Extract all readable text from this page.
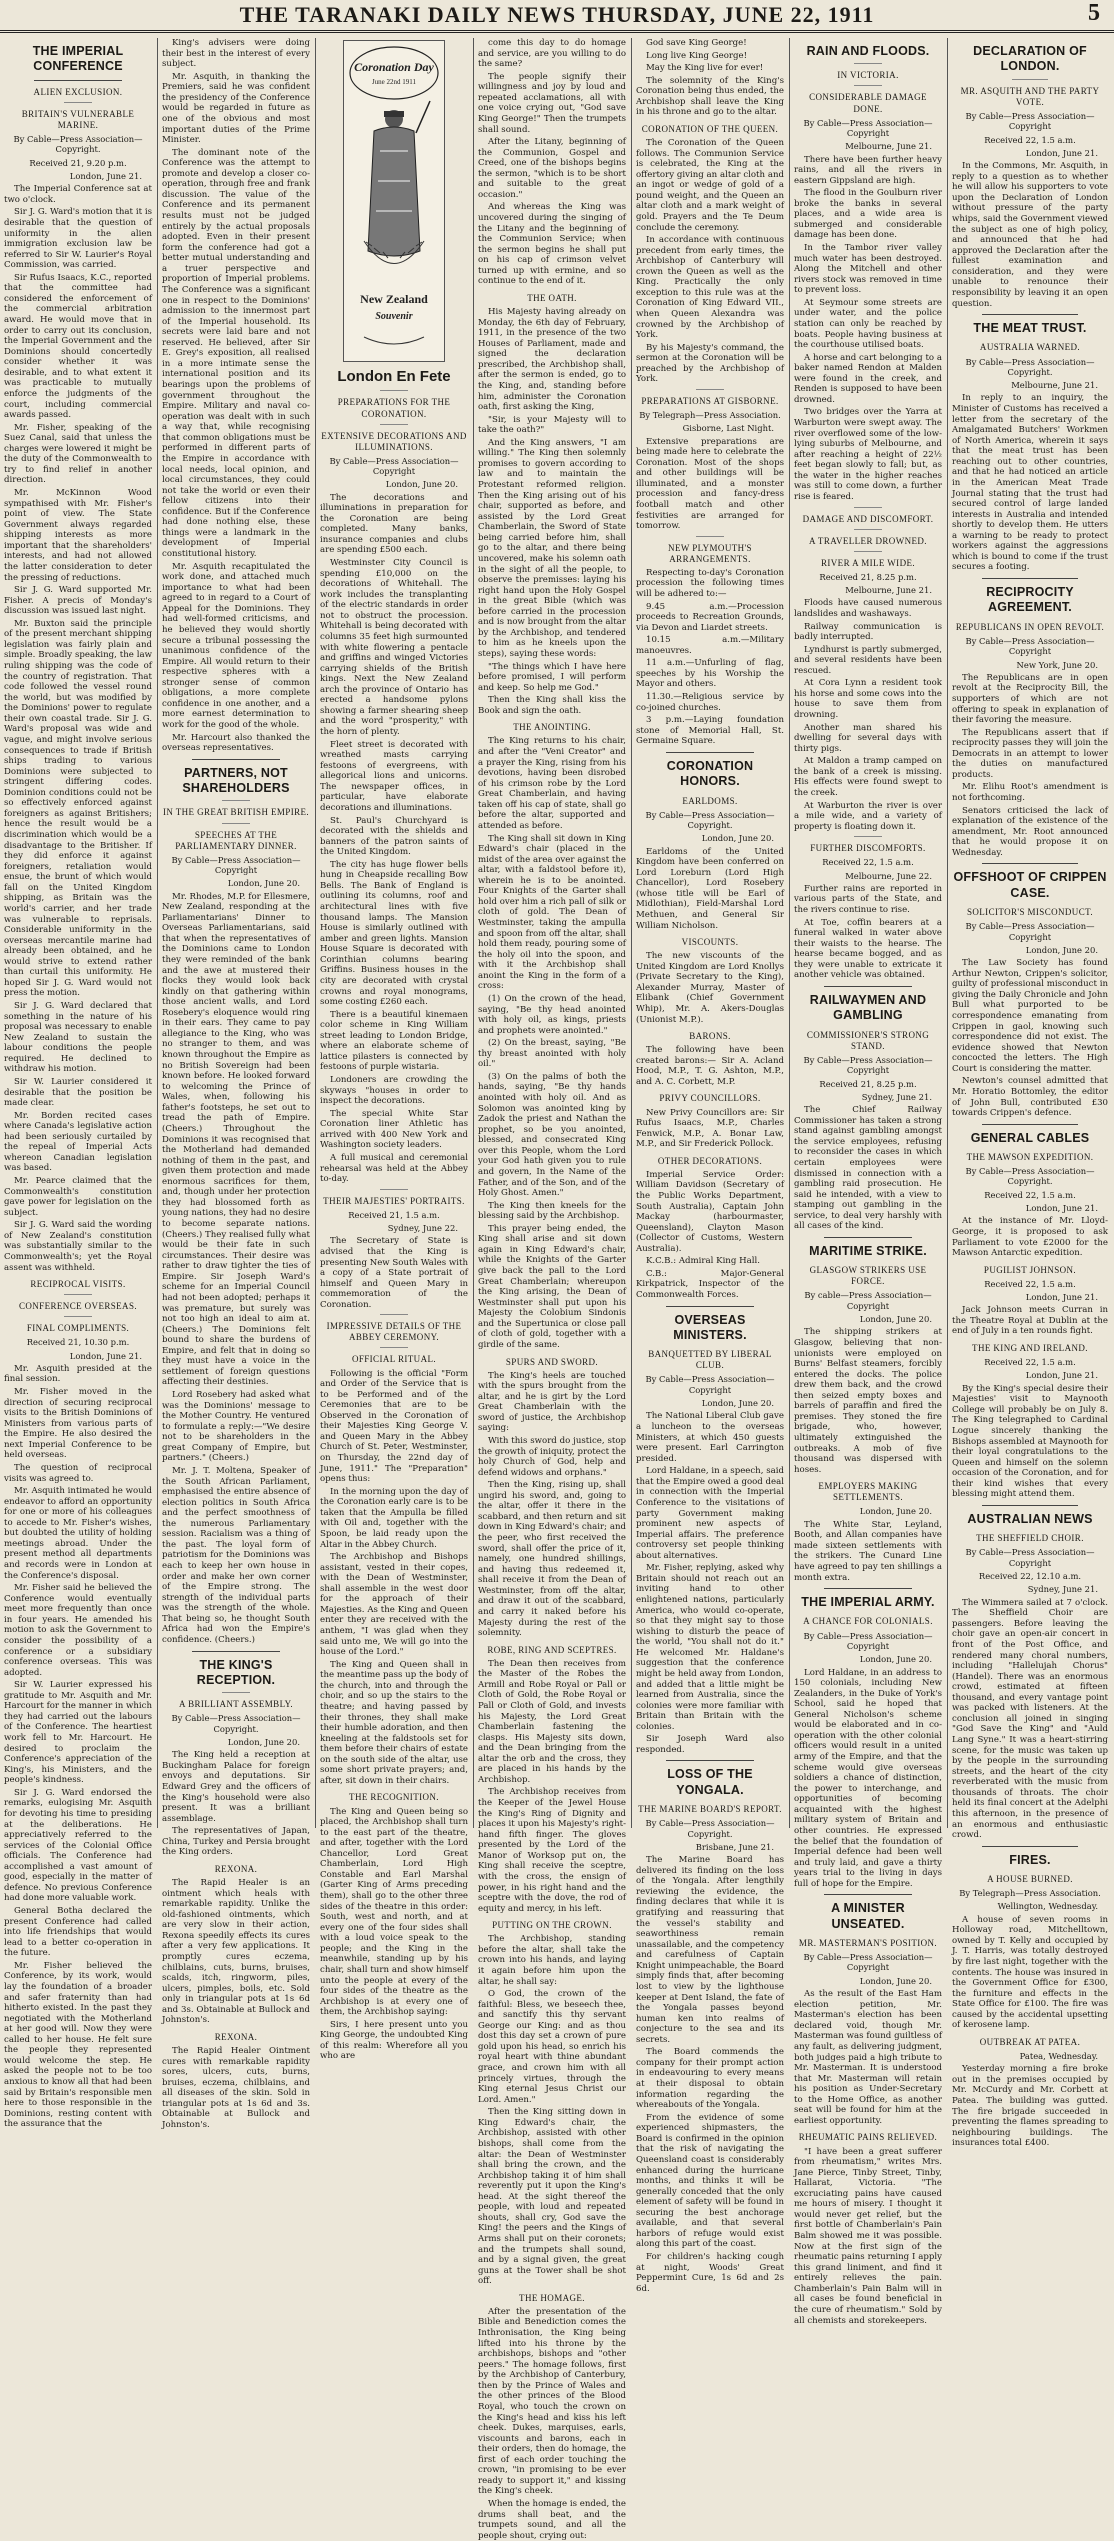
THE TARANAKI DAILY NEWS THURSDAY, JUNE 22, 1911	5
THE IMPERIAL CONFERENCE
ALIEN EXCLUSION.
BRITAIN'S VULNERABLE MARINE.
By Cable—Press Association—Copyright.
Received 21, 9.20 p.m.
London, June 21.

The Imperial Conference sat at two o'clock.

Sir J. G. Ward's motion that it is desirable that the question of uniformity in the alien immigration exclusion law be referred to Sir W. Laurier's Royal Commission, was carried.

Sir Rufus Isaacs, K.C., reported that the committee had considered the enforcement of the commercial arbitration award. He would move that in order to carry out its conclusion, the Imperial Government and the Dominions should concertedly consider whether it was desirable, and to what extent it was practicable to mutually enforce the judgments of the court, including commercial awards passed.

Mr. Fisher, speaking of the Suez Canal, said that unless the charges were lowered it might be the duty of the Commonwealth to try to find relief in another direction.

Mr. McKinnon Wood sympathised with Mr. Fisher's point of view. The State Government always regarded shipping interests as more important that the shareholders' interests, and had not allowed the latter consideration to deter the pressing of reductions.

Sir J. G. Ward supported Mr. Fisher. A precis of Monday's discussion was issued last night.

Mr. Buxton said the principle of the present merchant shipping legislation was fairly plain and simple. Broadly speaking, the law ruling shipping was the code of the country of registration. That code followed the vessel round the world, but was modified by the Dominions' power to regulate their own coastal trade. Sir J. G. Ward's proposal was wide and vague, and might involve serious consequences to trade if British ships trading to various Dominions were subjected to stringent differing codes. Dominion conditions could not be so effectively enforced against foreigners as against Britishers; hence the result would be a discrimination which would be a disadvantage to the Britisher. If they did enforce it against foreigners, retaliation would ensue, the brunt of which would fall on the United Kingdom shipping, as Britain was the world's carrier, and her trade was vulnerable to reprisals. Considerable uniformity in the overseas mercantile marine had already been obtained, and he would strive to extend rather than curtail this uniformity. He hoped Sir J. G. Ward would not press the motion.

Sir J. G. Ward declared that something in the nature of his proposal was necessary to enable New Zealand to sustain the labour conditions the people required. He declined to withdraw his motion.

Sir W. Laurier considered it desirable that the position be made clear.

Mr. Borden recited cases where Canada's legislative action had been seriously curtailed by the repeal of Imperial Acts whereon Canadian legislation was based.

Mr. Pearce claimed that the Commonwealth's constitution gave power for legislation on the subject.

Sir J. G. Ward said the wording of New Zealand's constitution was substantially similar to the Commonwealth's; yet the Royal assent was withheld.

RECIPROCAL VISITS.
CONFERENCE OVERSEAS.
FINAL COMPLIMENTS.
Received 21, 10.30 p.m.
London, June 21.

Mr. Asquith presided at the final session.

Mr. Fisher moved in the direction of securing reciprocal visits to the British Dominions of Ministers from various parts of the Empire. He also desired the next Imperial Conference to be held overseas.

The question of reciprocal visits was agreed to.

Mr. Asquith intimated he would endeavor to afford an opportunity for one or more of his colleagues to accede to Mr. Fisher's wishes, but doubted the utility of holding meetings abroad. Under the present method all departments and records were in London at the Conference's disposal.

Mr. Fisher said he believed the Conference would eventually meet more frequently than once in four years. He amended his motion to ask the Government to consider the possibility of a conference or a subsidiary conference overseas. This was adopted.

Sir W. Laurier expressed his gratitude to Mr. Asquith and Mr. Harcourt for the manner in which they had carried out the labours of the Conference. The heartiest work fell to Mr. Harcourt. He desired to proclaim the Conference's appreciation of the King's, his Ministers, and the people's kindness.

Sir J. G. Ward endorsed the remarks, eulogising Mr. Asquith for devoting his time to presiding at the deliberations. He appreciatively referred to the services of the Colonial Office officials. The Conference had accomplished a vast amount of good, especially in the matter of defence. No previous Conference had done more valuable work.

General Botha declared the present Conference had called into life friendships that would lead to a better co-operation in the future.

Mr. Fisher believed the Conference, by its work, would lay the foundation of a broader and safer fraternity than had hitherto existed. In the past they negotiated with the Motherland at her good will. Now they were called to her house. He felt sure the people they represented would welcome the step. He asked the people not to be too anxious to know all that had been said by Britain's responsible men here to those responsible in the Dominions, resting content with the assurance that the

King's advisers were doing their best in the interest of every subject.

Mr. Asquith, in thanking the Premiers, said he was confident the presidency of the Conference would be regarded in future as one of the obvious and most important duties of the Prime Minister.

The dominant note of the Conference was the attempt to promote and develop a closer co-operation, through free and frank discussion. The value of the Conference and its permanent results must not be judged entirely by the actual proposals adopted. Even in their present form the conference had got a better mutual understanding and a truer perspective and proportion of Imperial problems. The Conference was a significant one in respect to the Dominions' admission to the innermost part of the Imperial household. Its secrets were laid bare and not reserved. He believed, after Sir E. Grey's exposition, all realised in a more intimate sense the international position and its bearings upon the problems of government throughout the Empire. Military and naval co-operation was dealt with in such a way that, while recognising that common obligations must be performed in different parts of the Empire in accordance with local needs, local opinion, and local circumstances, they could not take the world or even their fellow citizens into their confidence. But if the Conference had done nothing else, these things were a landmark in the development of Imperial constitutional history.

Mr. Asquith recapitulated the work done, and attached much importance to what had been agreed to in regard to a Court of Appeal for the Dominions. They had well-formed criticisms, and he believed they would shortly secure a tribunal possessing the unanimous confidence of the Empire. All would return to their respective spheres with a stronger sense of common obligations, a more complete confidence in one another, and a more earnest determination to work for the good of the whole.

Mr. Harcourt also thanked the overseas representatives.

PARTNERS, NOT SHAREHOLDERS
IN THE GREAT BRITISH EMPIRE.
SPEECHES AT THE PARLIAMENTARY DINNER.
By Cable—Press Association—Copyright
London, June 20.

Mr. Rhodes, M.P. for Ellesmere, New Zealand, responding at the Parliamentarians' Dinner to Overseas Parliamentarians, said that when the representatives of the Dominions came to London they were reminded of the bank and the awe at mustered their flocks they would look back kindly on that gathering within those ancient walls, and Lord Rosebery's eloquence would ring in their ears. They came to pay allegiance to the King, who was no stranger to them, and was known throughout the Empire as no British Sovereign had been known before. He looked forward to welcoming the Prince of Wales, when, following his father's footsteps, he set out to tread the path of Empire. (Cheers.) Throughout the Dominions it was recognised that the Motherland had demanded nothing of them in the past, and given them protection and made enormous sacrifices for them, and, though under her protection they had blossomed forth as young nations, they had no desire to become separate nations. (Cheers.) They realised fully what would be their fate in such circumstances. Their desire was rather to draw tighter the ties of Empire. Sir Joseph Ward's scheme for an Imperial Council had not been adopted; perhaps it was premature, but surely was not too high an ideal to aim at. (Cheers.) The Dominions felt bound to share the burdens of Empire, and felt that in doing so they must have a voice in the settlement of foreign questions affecting their destinies.

Lord Rosebery had asked what was the Dominions' message to the Mother Country. He ventured to formulate a reply:—"We desire not to be shareholders in the great Company of Empire, but partners." (Cheers.)

Mr. J. T. Moltena, Speaker of the South African Parliament, emphasised the entire absence of election politics in South Africa and the perfect smoothness of the numerous Parliamentary session. Racialism was a thing of the past. The loyal form of patriotism for the Dominions was each to keep her own house in order and make her own corner of the Empire strong. The strength of the individual parts was the strength of the whole. That being so, he thought South Africa had won the Empire's confidence. (Cheers.)

THE KING'S RECEPTION.
A BRILLIANT ASSEMBLY.
By Cable—Press Association—Copyright.
London, June 20.

The King held a reception at Buckingham Palace for foreign envoys and deputations. Sir Edward Grey and the officers of the King's household were also present. It was a brilliant assemblage.

The representatives of Japan, China, Turkey and Persia brought the King orders.

REXONA.

The Rapid Healer is an ointment which heals with remarkable rapidity. Unlike the old-fashioned ointments, which are very slow in their action, Rexona speedily effects its cures after a very few applications. It promptly cures eczema, chilblains, cuts, burns, bruises, scalds, itch, ringworm, piles, ulcers, pimples, boils, etc. Sold only in triangular pots at 1s 6d and 3s. Obtainable at Bullock and Johnston's.

REXONA.

The Rapid Healer Ointment cures with remarkable rapidity sores, ulcers, cuts, burns, bruises, eczema, chilblains, and all diseases of the skin. Sold in triangular pots at 1s 6d and 3s. Obtainable at Bullock and Johnston's.

Coronation Day
June 22nd 1911
New Zealand
Souvenir
London En Fete
PREPARATIONS FOR THE CORONATION.
EXTENSIVE DECORATIONS AND ILLUMINATIONS.
By Cable—Press Association—Copyright
London, June 20.

The decorations and illuminations in preparation for the Coronation are being completed. Many banks, insurance companies and clubs are spending £500 each.

Westminster City Council is spending £10,000 on the decorations of Whitehall. The work includes the transplanting of the electric standards in order not to obstruct the procession. Whitehall is being decorated with columns 35 feet high surmounted with white flowering a pentacle and griffins and winged Victories carrying shields of the British kings. Next the New Zealand arch the province of Ontario has erected a handsome pylons showing a farmer shearing sheep and the word "prosperity," with the horn of plenty.

Fleet street is decorated with wreathed masts carrying festoons of evergreens, with allegorical lions and unicorns. The newspaper offices, in particular, have elaborate decorations and illuminations.

St. Paul's Churchyard is decorated with the shields and banners of the patron saints of the United Kingdom.

The city has huge flower bells hung in Cheapside recalling Bow Bells. The Bank of England is outlining its columns, roof and architectural lines with five thousand lamps. The Mansion House is similarly outlined with amber and green lights. Mansion House Square is decorated with Corinthian columns bearing Griffins. Business houses in the city are decorated with crystal crowns and royal monograms, some costing £260 each.

There is a beautiful kinemaen color scheme in King William street leading to London Bridge, where an elaborate scheme of lattice pilasters is connected by festoons of purple wistaria.

Londoners are crowding the skyways "houses in order to inspect the decorations.

The special White Star Coronation liner Athletic has arrived with 400 New York and Washington society leaders.

A full musical and ceremonial rehearsal was held at the Abbey to-day.

THEIR MAJESTIES' PORTRAITS.
Received 21, 1.5 a.m.
Sydney, June 22.

The Secretary of State is advised that the King is presenting New South Wales with a copy of a State portrait of himself and Queen Mary in commemoration of the Coronation.

IMPRESSIVE DETAILS OF THE ABBEY CEREMONY.
OFFICIAL RITUAL.

Following is the official "Form and Order of the Service that is to be Performed and of the Ceremonies that are to be Observed in the Coronation of their Majesties King George V. and Queen Mary in the Abbey Church of St. Peter, Westminster, on Thursday, the 22nd day of June, 1911." The "Preparation" opens thus:

In the morning upon the day of the Coronation early care is to be taken that the Ampulla be filled with Oil and, together with the Spoon, be laid ready upon the Altar in the Abbey Church.

The Archbishop and Bishops assistant, vested in their copes, with the Dean of Westminster, shall assemble in the west door for the approach of their Majesties. As the King and Queen enter they are received with the anthem, "I was glad when they said unto me, We will go into the house of the Lord."

The King and Queen shall in the meantime pass up the body of the church, into and through the choir, and so up the stairs to the theatre; and having passed by their thrones, they shall make their humble adoration, and then kneeling at the faldstools set for them before their chairs of estate on the south side of the altar, use some short private prayers; and, after, sit down in their chairs.

THE RECOGNITION.

The King and Queen being so placed, the Archbishop shall turn to the east part of the theatre, and after, together with the Lord Chancellor, Lord Great Chamberlain, Lord High Constable and Earl Marshal (Garter King of Arms preceding them), shall go to the other three sides of the theatre in this order: South, west and north, and at every one of the four sides shall with a loud voice speak to the people; and the King in the meanwhile, standing up by his chair, shall turn and show himself unto the people at every of the four sides of the theatre as the Archbishop is at every one of them, the Archbishop saying:

Sirs, I here present unto you King George, the undoubted King of this realm: Wherefore all you who are

come this day to do homage and service, are you willing to do the same?

The people signify their willingness and joy by loud and repeated acclamations, all with one voice crying out, "God save King George!" Then the trumpets shall sound.

After the Litany, beginning of the Communion, Gospel and Creed, one of the bishops begins the sermon, "which is to be short and suitable to the great occasion."

And whereas the King was uncovered during the singing of the Litany and the beginning of the Communion Service; when the sermon begins he shall put on his cap of crimson velvet turned up with ermine, and so continue to the end of it.

THE OATH.

His Majesty having already on Monday, the 6th day of February, 1911, in the presence of the two Houses of Parliament, made and signed the declaration prescribed, the Archbishop shall, after the sermon is ended, go to the King, and, standing before him, administer the Coronation oath, first asking the King,

"Sir, is your Majesty will to take the oath?"

And the King answers, "I am willing." The King then solemnly promises to govern according to law and to maintain the Protestant reformed religion. Then the King arising out of his chair, supported as before, and assisted by the Lord Great Chamberlain, the Sword of State being carried before him, shall go to the altar, and there being uncovered, make his solemn oath in the sight of all the people, to observe the premisses: laying his right hand upon the Holy Gospel in the great Bible (which was before carried in the procession and is now brought from the altar by the Archbishop, and tendered to him as he kneels upon the steps), saying these words:

"The things which I have here before promised, I will perform and keep. So help me God."

Then the King shall kiss the Book and sign the oath.

THE ANOINTING.

The King returns to his chair, and after the "Veni Creator" and a prayer the King, rising from his devotions, having been disrobed of his crimson robe by the Lord Great Chamberlain, and having taken off his cap of state, shall go before the altar, supported and attended as before.

The King shall sit down in King Edward's chair (placed in the midst of the area over against the altar, with a faldstool before it), wherein he is to be anointed. Four Knights of the Garter shall hold over him a rich pall of silk or cloth of gold. The Dean of Westminster, taking the ampulla and spoon from off the altar, shall hold them ready, pouring some of the holy oil into the spoon, and with it the Archbishop shall anoint the King in the form of a cross:

(1) On the crown of the head, saying, "Be thy head anointed with holy oil, as kings, priests and prophets were anointed."

(2) On the breast, saying, "Be thy breast anointed with holy oil."

(3) On the palms of both the hands, saying, "Be thy hands anointed with holy oil. And as Solomon was anointed king by Zadok the priest and Nathan the prophet, so be you anointed, blessed, and consecrated King over this People, whom the Lord your God hath given you to rule and govern, In the Name of the Father, and of the Son, and of the Holy Ghost. Amen."

The King then kneels for the blessing said by the Archbishop.

This prayer being ended, the King shall arise and sit down again in King Edward's chair, while the Knights of the Garter give back the pall to the Lord Great Chamberlain; whereupon the King arising, the Dean of Westminster shall put upon his Majesty the Colobium Sindonis and the Supertunica or close pall of cloth of gold, together with a girdle of the same.

SPURS AND SWORD.

The King's heels are touched with the spurs brought from the altar, and he is girt by the Lord Great Chamberlain with the sword of justice, the Archbishop saying:

With this sword do justice, stop the growth of iniquity, protect the holy Church of God, help and defend widows and orphans."

Then the King, rising up, shall ungird his sword, and, going to the altar, offer it there in the scabbard, and then return and sit down in King Edward's chair; and the peer, who first received the sword, shall offer the price of it, namely, one hundred shillings, and having thus redeemed it, shall receive it from the Dean of Westminster, from off the altar, and draw it out of the scabbard, and carry it naked before his Majesty during the rest of the solemnity.

ROBE, RING AND SCEPTRES.

The Dean then receives from the Master of the Robes the Armill and Robe Royal or Pall or Cloth of Gold, the Robe Royal or Pall or Cloth of Gold, and invests his Majesty, the Lord Great Chamberlain fastening the clasps. His Majesty sits down, and the Dean bringing from the altar the orb and the cross, they are placed in his hands by the Archbishop.

The Archbishop receives from the Keeper of the Jewel House the King's Ring of Dignity and places it upon his Majesty's right-hand fifth finger. The gloves presented by the Lord of the Manor of Worksop put on, the King shall receive the sceptre, with the cross, the ensign of power, in his right hand and the sceptre with the dove, the rod of equity and mercy, in his left.

PUTTING ON THE CROWN.

The Archbishop, standing before the altar, shall take the crown into his hands, and laying it again before him upon the altar, he shall say:

O God, the crown of the faithful: Bless, we beseech thee, and sanctify this thy servant George our King: and as thou dost this day set a crown of pure gold upon his head, so enrich his royal heart with thine abundant grace, and crown him with all princely virtues, through the King eternal Jesus Christ our Lord. Amen."

Then the King sitting down in King Edward's chair, the Archbishop, assisted with other bishops, shall come from the altar: the Dean of Westminster shall bring the crown, and the Archbishop taking it of him shall reverently put it upon the King's head. At the sight thereof the people, with loud and repeated shouts, shall cry, God save the King! the peers and the Kings of Arms shall put on their coronets; and the trumpets shall sound, and by a signal given, the great guns at the Tower shall be shot off.

THE HOMAGE.

After the presentation of the Bible and Benediction comes the Inthronisation, the King being lifted into his throne by the archbishops, bishops and "other peers." The homage follows, first by the Archbishop of Canterbury, then by the Prince of Wales and the other princes of the Blood Royal, who touch the crown on the King's head and kiss his left cheek. Dukes, marquises, earls, viscounts and barons, each in their orders, then do homage, the first of each order touching the crown, "in promising to be ever ready to support it," and kissing the King's cheek.

When the homage is ended, the drums shall beat, and the trumpets sound, and all the people shout, crying out:

God save King George!

Long live King George!

May the King live for ever!

The solemnity of the King's Coronation being thus ended, the Archbishop shall leave the King in his throne and go to the altar.

CORONATION OF THE QUEEN.

The Coronation of the Queen follows. The Communion Service is celebrated, the King at the offertory giving an altar cloth and an ingot or wedge of gold of a pound weight, and the Queen an altar cloth and a mark weight of gold. Prayers and the Te Deum conclude the ceremony.

In accordance with continuous precedent from early times, the Archbishop of Canterbury will crown the Queen as well as the King. Practically the only exception to this rule was at the Coronation of King Edward VII., when Queen Alexandra was crowned by the Archbishop of York.

By his Majesty's command, the sermon at the Coronation will be preached by the Archbishop of York.

PREPARATIONS AT GISBORNE.
By Telegraph—Press Association.
Gisborne, Last Night.

Extensive preparations are being made here to celebrate the Coronation. Most of the shops and other buildings will be illuminated, and a monster procession and fancy-dress football match and other festivities are arranged for tomorrow.

NEW PLYMOUTH'S ARRANGEMENTS.

Respecting to-day's Coronation procession the following times will be adhered to:—

9.45 a.m.—Procession proceeds to Recreation Grounds, via Devon and Liardet streets.

10.15 a.m.—Military manoeuvres.

11 a.m.—Unfurling of flag, speeches by his Worship the Mayor and others.

11.30.—Religious service by co-joined churches.

3 p.m.—Laying foundation stone of Memorial Hall, St. Germaine Square.

CORONATION HONORS.
EARLDOMS.
By Cable—Press Association—Copyright.
London, June 20.

Earldoms of the United Kingdom have been conferred on Lord Loreburn (Lord High Chancellor), Lord Rosebery (whose title will be Earl of Midlothian), Field-Marshal Lord Methuen, and General Sir William Nicholson.

VISCOUNTS.

The new viscounts of the United Kingdom are Lord Knollys (Private Secretary to the King), Alexander Murray, Master of Elibank (Chief Government Whip), Mr. A. Akers-Douglas (Unionist M.P.).

BARONS.

The following have been created barons:— Sir A. Acland Hood, M.P., T. G. Ashton, M.P., and A. C. Corbett, M.P.

PRIVY COUNCILLORS.

New Privy Councillors are: Sir Rufus Isaacs, M.P., Charles Fenwick, M.P., A. Bonar Law, M.P., and Sir Frederick Pollock.

OTHER DECORATIONS.

Imperial Service Order: William Davidson (Secretary of the Public Works Department, South Australia), Captain John Mackay (harbourmaster, Queensland), Clayton Mason (Collector of Customs, Western Australia).

K.C.B.: Admiral King Hall.

C.B.: Major-General Kirkpatrick, Inspector of the Commonwealth Forces.

OVERSEAS MINISTERS.
BANQUETTED BY LIBERAL CLUB.
By Cable—Press Association—Copyright
London, June 20.

The National Liberal Club gave a luncheon to the overseas Ministers, at which 450 guests were present. Earl Carrington presided.

Lord Haldane, in a speech, said that the Empire owed a good deal in connection with the Imperial Conference to the visitations of party Government making prominent new aspects of Imperial affairs. The preference controversy set people thinking about alternatives.

Mr. Fisher, replying, asked why Britain should not reach out an inviting hand to other enlightened nations, particularly America, who would co-operate, so that they might say to those wishing to disturb the peace of the world, "You shall not do it." He welcomed Mr. Haldane's suggestion that the conference might be held away from London, and added that a little might be learned from Australia, since the colonies were more familiar with Britain than Britain with the colonies.

Sir Joseph Ward also responded.

LOSS OF THE YONGALA.
THE MARINE BOARD'S REPORT.
By Cable—Press Association—Copyright.
Brisbane, June 21.

The Marine Board has delivered its finding on the loss of the Yongala. After lengthily reviewing the evidence, the finding declares that while it is gratifying and reassuring that the vessel's stability and seaworthiness remain unassailable, and the competency and carefulness of Captain Knight unimpeachable, the Board simply finds that, after becoming lost to view by the lighthouse keeper at Dent Island, the fate of the Yongala passes beyond human ken into realms of conjecture to the sea and its secrets.

The Board commends the company for their prompt action in endeavouring to every means at their disposal to obtain information regarding the whereabouts of the Yongala.

From the evidence of some experienced shipmasters, the Board is confirmed in the opinion that the risk of navigating the Queensland coast is considerably enhanced during the hurricane months, and thinks it will be generally conceded that the only element of safety will be found in securing the best anchorage available, and that several harbors of refuge would exist along this part of the coast.

For children's hacking cough at night, Woods' Great Peppermint Cure, 1s 6d and 2s 6d.

RAIN AND FLOODS.
IN VICTORIA.
CONSIDERABLE DAMAGE DONE.
By Cable—Press Association—Copyright
Melbourne, June 21.

There have been further heavy rains, and all the rivers in eastern Gippsland are high.

The flood in the Goulburn river broke the banks in several places, and a wide area is submerged and considerable damage has been done.

In the Tambor river valley much water has been destroyed. Along the Mitchell and other rivers stock was removed in time to prevent loss.

At Seymour some streets are under water, and the police station can only be reached by boats. People having business at the courthouse utilised boats.

A horse and cart belonging to a baker named Rendon at Malden were found in the creek, and Renden is supposed to have been drowned.

Two bridges over the Yarra at Warburton were swept away. The river overflowed some of the low-lying suburbs of Melbourne, and after reaching a height of 22½ feet began slowly to fall; but, as the water in the higher reaches was still to come down, a further rise is feared.

DAMAGE AND DISCOMFORT.
A TRAVELLER DROWNED.
RIVER A MILE WIDE.
Received 21, 8.25 p.m.
Melbourne, June 21.

Floods have caused numerous landslides and washaways.

Railway communication is badly interrupted.

Lyndhurst is partly submerged, and several residents have been rescued.

At Cora Lynn a resident took his horse and some cows into the house to save them from drowning.

Another man shared his dwelling for several days with thirty pigs.

At Maldon a tramp camped on the bank of a creek is missing. His effects were found swept to the creek.

At Warburton the river is over a mile wide, and a variety of property is floating down it.

FURTHER DISCOMFORTS.
Received 22, 1.5 a.m.
Melbourne, June 22.

Further rains are reported in various parts of the State, and the rivers continue to rise.

At Toe, coffin bearers at a funeral walked in water above their waists to the hearse. The hearse became bogged, and as they were unable to extricate it another vehicle was obtained.

RAILWAYMEN AND GAMBLING
COMMISSIONER'S STRONG STAND.
By Cable—Press Association—Copyright
Received 21, 8.25 p.m.
Sydney, June 21.

The Chief Railway Commissioner has taken a strong stand against gambling amongst the service employees, refusing to reconsider the cases in which certain employees were dismissed in connection with a gambling raid prosecution. He said he intended, with a view to stamping out gambling in the service, to deal very harshly with all cases of the kind.

MARITIME STRIKE.
GLASGOW STRIKERS USE FORCE.
By cable—Press Association—Copyright
London, June 20.

The shipping strikers at Glasgow, believing that non-unionists were employed on Burns' Belfast steamers, forcibly entered the docks. The police drew them back, and the crowd then seized empty boxes and barrels of paraffin and fired the premises. They stoned the fire brigade, who, however, ultimately extinguished the outbreaks. A mob of five thousand was dispersed with hoses.

EMPLOYERS MAKING SETTLEMENTS.
London, June 20.

The White Star, Leyland, Booth, and Allan companies have made sixteen settlements with the strikers. The Cunard Line have agreed to pay ten shillings a month extra.

THE IMPERIAL ARMY.
A CHANCE FOR COLONIALS.
By Cable—Press Association—Copyright
London, June 20.

Lord Haldane, in an address to 150 colonials, including New Zealanders, in the Duke of York's School, said he hoped that General Nicholson's scheme would be elaborated and in co-operation with the other colonial officers would result in a united army of the Empire, and that the scheme would give overseas soldiers a chance of distinction, the power to interchange, and opportunities of becoming acquainted with the highest military system of Britain and other countries. He expressed the belief that the foundation of Imperial defence had been well and truly laid, and gave a thirty years trial to the living in days full of hope for the Empire.

A MINISTER UNSEATED.
MR. MASTERMAN'S POSITION.
By Cable—Press Association—Copyright
London, June 20.

As the result of the East Ham election petition, Mr. Masterman's election has been declared void, though Mr. Masterman was found guiltless of any fault, as delivering judgment, both judges paid a high tribute to Mr. Masterman. It is understood that Mr. Masterman will retain his position as Under-Secretary to the Home Office, as another seat will be found for him at the earliest opportunity.

RHEUMATIC PAINS RELIEVED.

"I have been a great sufferer from rheumatism," writes Mrs. Jane Pierce, Tinby Street, Tinby, Hallarat, Victoria. "The excruciating pains have caused me hours of misery. I thought it would never get relief, but the first bottle of Chamberlain's Pain Balm showed me it was possible. Now at the first sign of the rheumatic pains returning I apply this grand liniment, and find it entirely relieves the pain. Chamberlain's Pain Balm will in all cases be found beneficial in the cure of rheumatism." Sold by all chemists and storekeepers.

DECLARATION OF LONDON.
MR. ASQUITH AND THE PARTY VOTE.
By Cable—Press Association—Copyright
Received 22, 1.5 a.m.
London, June 21.

In the Commons, Mr. Asquith, in reply to a question as to whether he will allow his supporters to vote upon the Declaration of London without pressure of the party whips, said the Government viewed the subject as one of high policy, and announced that he had approved the Declaration after the fullest examination and consideration, and they were unable to renounce their responsibility by leaving it an open question.

THE MEAT TRUST.
AUSTRALIA WARNED.
By Cable—Press Association—Copyright.
Melbourne, June 21.

In reply to an inquiry, the Minister of Customs has received a letter from the secretary of the Amalgamated Butchers' Workmen of North America, wherein it says that the meat trust has been reaching out to other countries, and that he had noticed an article in the American Meat Trade Journal stating that the trust had secured control of large landed interests in Australia and intended shortly to develop them. He utters a warning to be ready to protect workers against the aggressions which is bound to come if the trust secures a footing.

RECIPROCITY AGREEMENT.
REPUBLICANS IN OPEN REVOLT.
By Cable—Press Association—Copyright
New York, June 20.

The Republicans are in open revolt at the Reciprocity Bill, the supporters of which are not offering to speak in explanation of their favoring the measure.

The Republicans assert that if reciprocity passes they will join the Democrats in an attempt to lower the duties on manufactured products.

Mr. Elihu Root's amendment is not forthcoming.

Senators criticised the lack of explanation of the existence of the amendment, Mr. Root announced that he would propose it on Wednesday.

OFFSHOOT OF CRIPPEN CASE.
SOLICITOR'S MISCONDUCT.
By Cable—Press Association—Copyright
London, June 20.

The Law Society has found Arthur Newton, Crippen's solicitor, guilty of professional misconduct in giving the Daily Chronicle and John Bull what purported to be correspondence emanating from Crippen in gaol, knowing such correspondence did not exist. The evidence showed that Newton concocted the letters. The High Court is considering the matter.

Newton's counsel admitted that Mr. Horatio Bottomley, the editor of John Bull, contributed £30 towards Crippen's defence.

GENERAL CABLES
THE MAWSON EXPEDITION.
By Cable—Press Association—Copyright.
Received 22, 1.5 a.m.
London, June 21.

At the instance of Mr. Lloyd-George, it is proposed to ask Parliament to vote £2000 for the Mawson Antarctic expedition.

PUGILIST JOHNSON.
Received 22, 1.5 a.m.
London, June 21.

Jack Johnson meets Curran in the Theatre Royal at Dublin at the end of July in a ten rounds fight.

THE KING AND IRELAND.
Received 22, 1.5 a.m.
London, June 21.

By the King's special desire their Majesties' visit to Maynooth College will probably be on July 8. The King telegraphed to Cardinal Logue sincerely thanking the Bishops assembled at Maynooth for their loyal congratulations to the Queen and himself on the solemn occasion of the Coronation, and for their kind wishes that every blessing might attend them.

AUSTRALIAN NEWS
THE SHEFFIELD CHOIR.
By Cable—Press Association—Copyright
Received 22, 12.10 a.m.
Sydney, June 21.

The Wimmera sailed at 7 o'clock. The Sheffield Choir are passengers. Before leaving the choir gave an open-air concert in front of the Post Office, and rendered many choral numbers, including "Hallelujah Chorus" (Handel). There was an enormous crowd, estimated at fifteen thousand, and every vantage point was packed with listeners. At the conclusion all joined in singing "God Save the King" and "Auld Lang Syne." It was a heart-stirring scene, for the music was taken up by the people in the surrounding streets, and the heart of the city reverberated with the music from thousands of throats. The choir held its final concert at the Adelphi this afternoon, in the presence of an enormous and enthusiastic crowd.

FIRES.
A HOUSE BURNED.
By Telegraph—Press Association.
Wellington, Wednesday.

A house of seven rooms in Holloway road, Mitchelltown, owned by T. Kelly and occupied by J. T. Harris, was totally destroyed by fire last night, together with the contents. The house was insured in the Government Office for £300, the furniture and effects in the State Office for £100. The fire was caused by the accidental upsetting of kerosene lamp.

OUTBREAK AT PATEA.
Patea, Wednesday.

Yesterday morning a fire broke out in the premises occupied by Mr. McCurdy and Mr. Corbett at Patea. The building was gutted. The fire brigade succeeded in preventing the flames spreading to neighbouring buildings. The insurances total £400.
